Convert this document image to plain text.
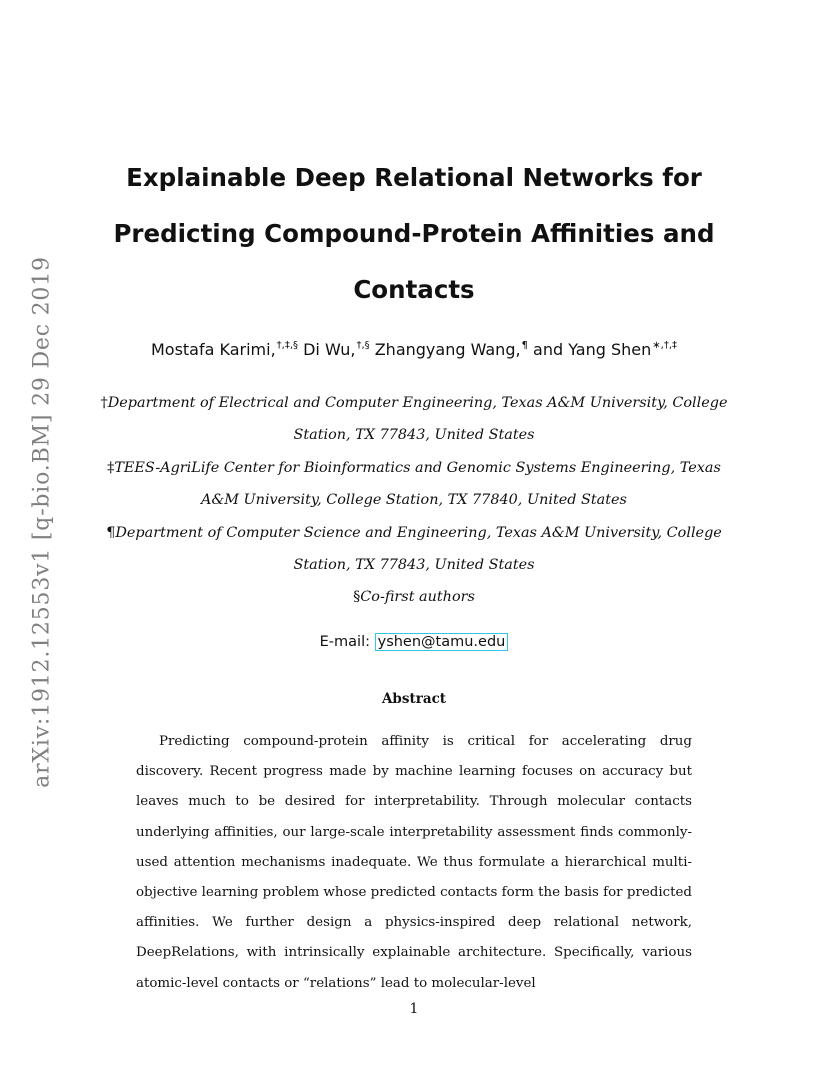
arXiv:1912.12553v1 [q-bio.BM] 29 Dec 2019
Explainable Deep Relational Networks for Predicting Compound-Protein Affinities and Contacts
Mostafa Karimi,†,‡,§ Di Wu,†,§ Zhangyang Wang,¶ and Yang Shen∗,†,‡
†Department of Electrical and Computer Engineering, Texas A&M University, College Station, TX 77843, United States
‡TEES-AgriLife Center for Bioinformatics and Genomic Systems Engineering, Texas A&M University, College Station, TX 77840, United States
¶Department of Computer Science and Engineering, Texas A&M University, College Station, TX 77843, United States
§Co-first authors
E-mail: yshen@tamu.edu
Abstract

Predicting compound-protein affinity is critical for accelerating drug discovery. Recent progress made by machine learning focuses on accuracy but leaves much to be desired for interpretability. Through molecular contacts underlying affinities, our large-scale interpretability assessment finds commonly-used attention mechanisms inadequate. We thus formulate a hierarchical multi-objective learning problem whose predicted contacts form the basis for predicted affinities. We further design a physics-inspired deep relational network, DeepRelations, with intrinsically explainable architecture. Specifically, various atomic-level contacts or “relations” lead to molecular-level

1
